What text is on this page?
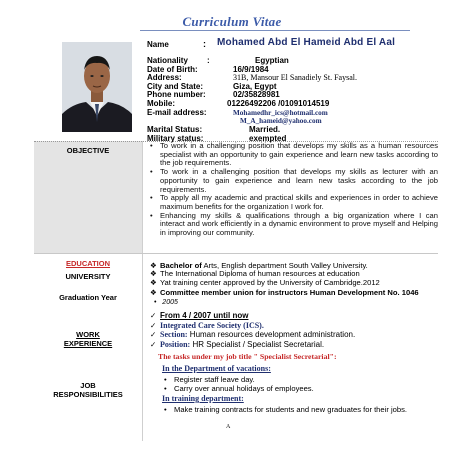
Curriculum Vitae
Name	: Mohamed Abd El Hameid Abd El Aal
Nationality :	Egyptian
Date of Birth:	16/9/1984
Address:	31B, Mansour El Sanadiely St. Faysal.
City and State:	Giza, Egypt
Phone number:	02/35828981
Mobile:	01226492206 /01091014519
E-mail address:	Mohamedhr_ics@hotmail.com
M_A_hameid@yahoo.com
Marital Status:	Married.
Military status:	exempted
OBJECTIVE
• To work in a challenging position that develops my skills as a human resources specialist with an opportunity to gain experience and learn new tasks according to the job requirements.
• To work in a challenging position that develops my skills as lecturer with an opportunity to gain experience and learn new tasks according to the job requirements.
• To apply all my academic and practical skills and experiences in order to achieve maximum benefits for the organization I work for.
• Enhancing my skills & qualifications through a big organization where I can interact and work efficiently in a dynamic environment to prove myself and Helping in improving our community.
EDUCATION
UNIVERSITY
❖ Bachelor of Arts, English department South Valley University.
❖ The International Diploma of human resources at education
❖ Yat training center approved by the University of Cambridge.2012
❖ Committee member union for instructors Human Development No. 1046
Graduation Year
• 2005
WORK
EXPERIENCE
✓ From 4 / 2007 until now
✓ Integrated Care Society (ICS).
✓ Section: Human resources development administration.
✓ Position: HR Specialist / Specialist Secretarial.
The tasks under my job title " Specialist Secretarial":
JOB
RESPONSIBILITIES
In the Department of vacations:
• Register staff leave day.
• Carry over annual holidays of employees.
In training department:
• Make training contracts for students and new graduates for their jobs.
A
